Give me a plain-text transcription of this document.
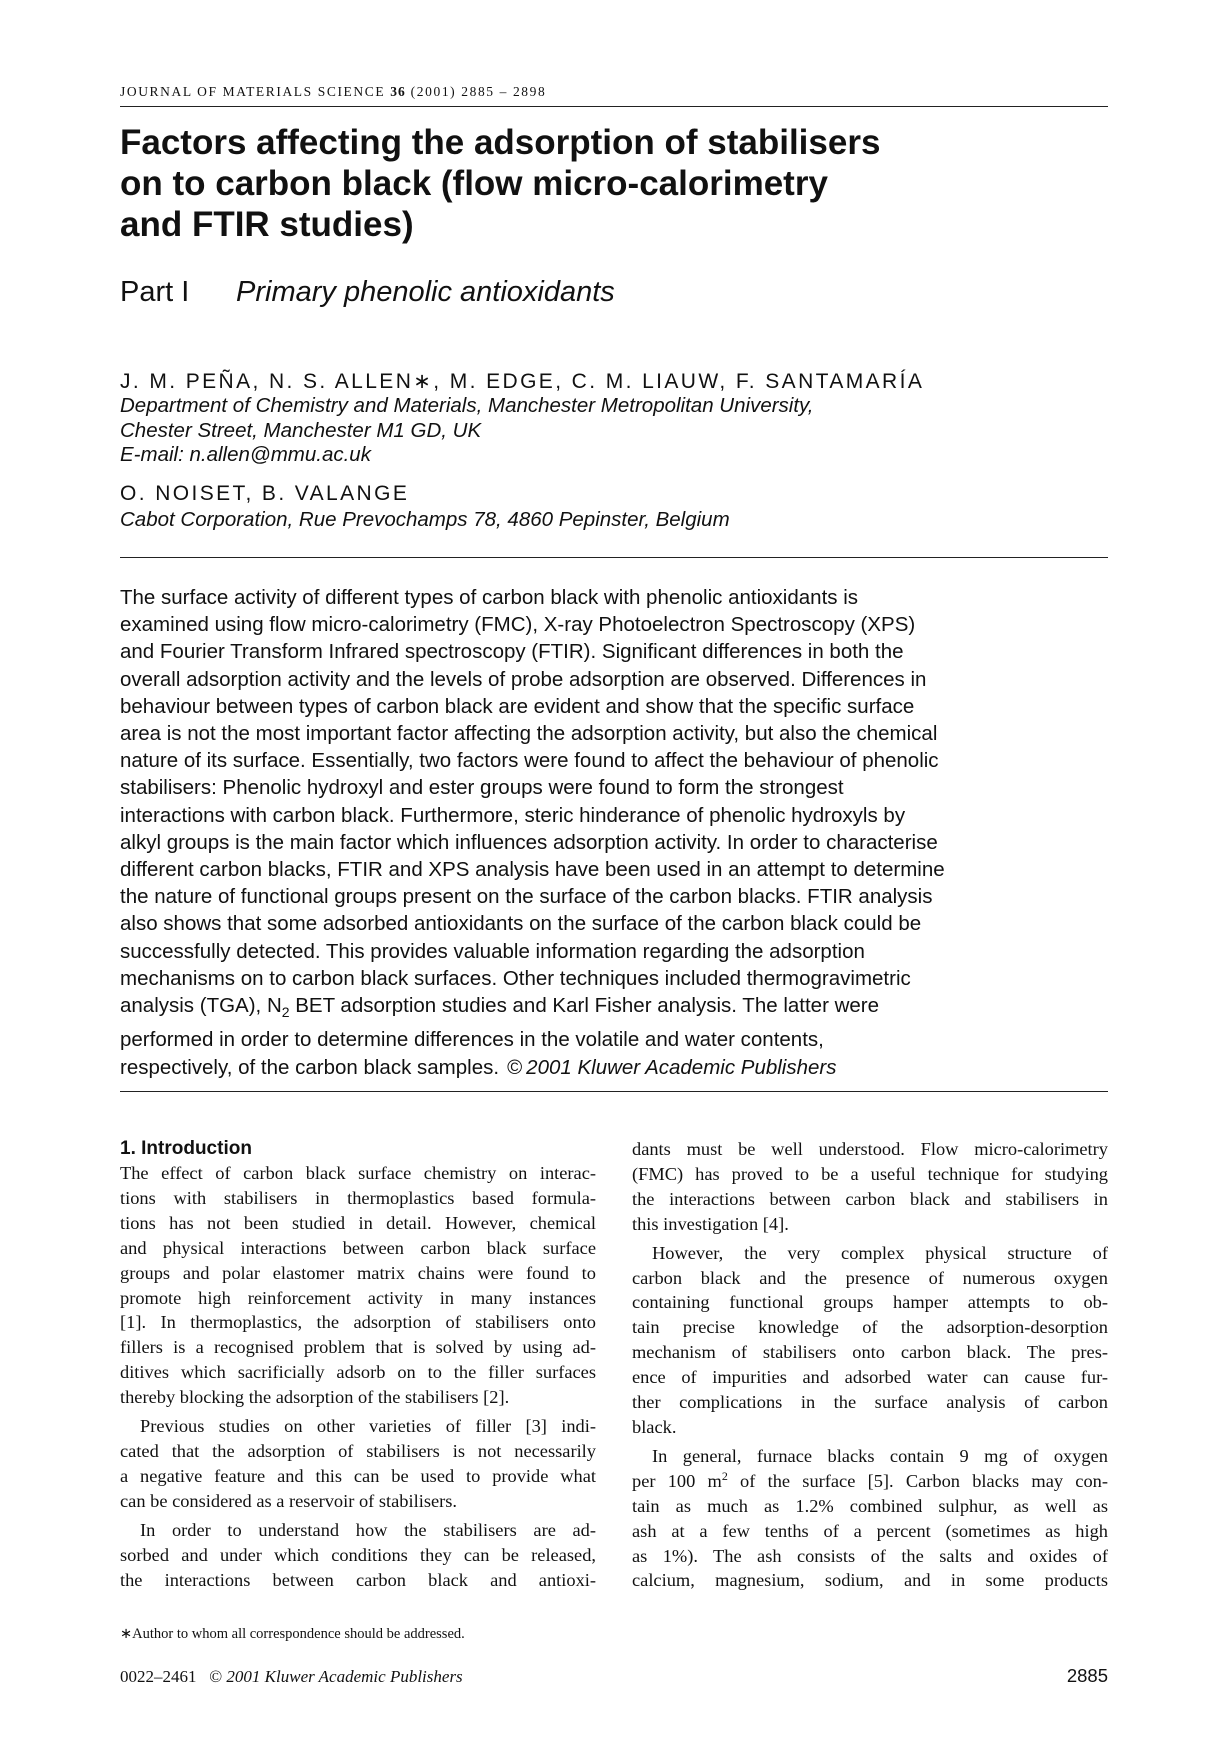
JOURNAL OF MATERIALS SCIENCE 36 (2001) 2885 – 2898
Factors affecting the adsorption of stabilisers
on to carbon black (flow micro-calorimetry
and FTIR studies)
Part I Primary phenolic antioxidants
J. M. PEÑA, N. S. ALLEN∗, M. EDGE, C. M. LIAUW, F. SANTAMARÍA
Department of Chemistry and Materials, Manchester Metropolitan University,
Chester Street, Manchester M1 GD, UK
E-mail: n.allen@mmu.ac.uk
O. NOISET, B. VALANGE
Cabot Corporation, Rue Prevochamps 78, 4860 Pepinster, Belgium
The surface activity of different types of carbon black with phenolic antioxidants is
examined using flow micro-calorimetry (FMC), X-ray Photoelectron Spectroscopy (XPS)
and Fourier Transform Infrared spectroscopy (FTIR). Significant differences in both the
overall adsorption activity and the levels of probe adsorption are observed. Differences in
behaviour between types of carbon black are evident and show that the specific surface
area is not the most important factor affecting the adsorption activity, but also the chemical
nature of its surface. Essentially, two factors were found to affect the behaviour of phenolic
stabilisers: Phenolic hydroxyl and ester groups were found to form the strongest
interactions with carbon black. Furthermore, steric hinderance of phenolic hydroxyls by
alkyl groups is the main factor which influences adsorption activity. In order to characterise
different carbon blacks, FTIR and XPS analysis have been used in an attempt to determine
the nature of functional groups present on the surface of the carbon blacks. FTIR analysis
also shows that some adsorbed antioxidants on the surface of the carbon black could be
successfully detected. This provides valuable information regarding the adsorption
mechanisms on to carbon black surfaces. Other techniques included thermogravimetric
analysis (TGA), $N_2$ BET adsorption studies and Karl Fisher analysis. The latter were
performed in order to determine differences in the volatile and water contents,
respectively, of the carbon black samples. © 2001 Kluwer Academic Publishers
1. Introduction
The effect of carbon black surface chemistry on interac-
tions with stabilisers in thermoplastics based formula-
tions has not been studied in detail. However, chemical
and physical interactions between carbon black surface
groups and polar elastomer matrix chains were found to
promote high reinforcement activity in many instances
[1]. In thermoplastics, the adsorption of stabilisers onto
fillers is a recognised problem that is solved by using ad-
ditives which sacrificially adsorb on to the filler surfaces
thereby blocking the adsorption of the stabilisers [2].
Previous studies on other varieties of filler [3] indi-
cated that the adsorption of stabilisers is not necessarily
a negative feature and this can be used to provide what
can be considered as a reservoir of stabilisers.
In order to understand how the stabilisers are ad-
sorbed and under which conditions they can be released,
the interactions between carbon black and antioxi-
dants must be well understood. Flow micro-calorimetry
(FMC) has proved to be a useful technique for studying
the interactions between carbon black and stabilisers in
this investigation [4].
However, the very complex physical structure of
carbon black and the presence of numerous oxygen
containing functional groups hamper attempts to ob-
tain precise knowledge of the adsorption-desorption
mechanism of stabilisers onto carbon black. The pres-
ence of impurities and adsorbed water can cause fur-
ther complications in the surface analysis of carbon
black.
In general, furnace blacks contain 9 mg of oxygen
per 100 $m^2$ of the surface [5]. Carbon blacks may con-
tain as much as 1.2% combined sulphur, as well as
ash at a few tenths of a percent (sometimes as high
as 1%). The ash consists of the salts and oxides of
calcium, magnesium, sodium, and in some products
∗Author to whom all correspondence should be addressed.
0022–2461 © 2001 Kluwer Academic Publishers	2885
